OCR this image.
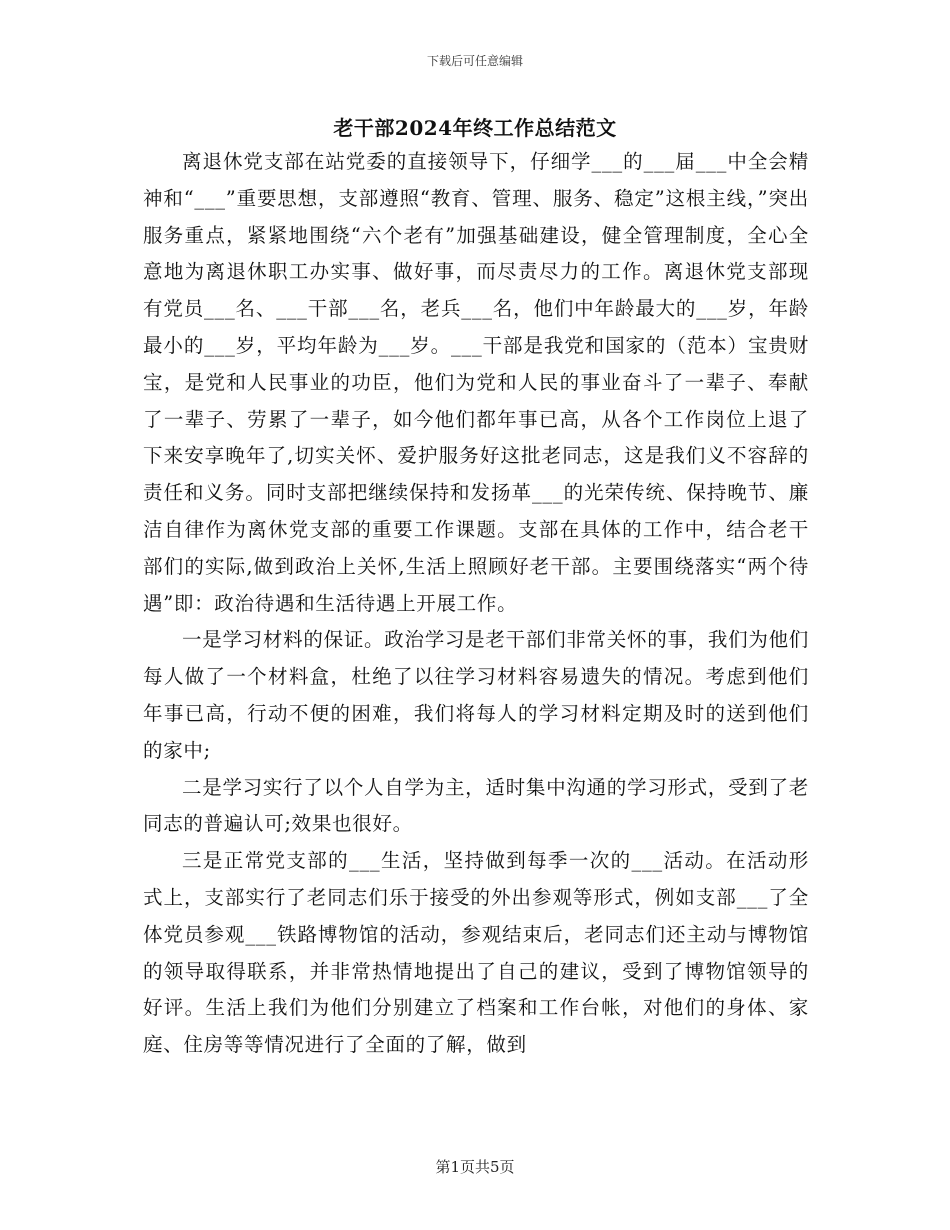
下载后可任意编辑
老干部2024年终工作总结范文

离退休党支部在站党委的直接领导下，仔细学___的___届___中全会精神和“___”重要思想，支部遵照“教育、管理、服务、稳定”这根主线，”突出服务重点，紧紧地围绕“六个老有”加强基础建设，健全管理制度，全心全意地为离退休职工办实事、做好事，而尽责尽力的工作。离退休党支部现有党员___名、___干部___名，老兵___名，他们中年龄最大的___岁，年龄最小的___岁，平均年龄为___岁。___干部是我党和国家的（范本）宝贵财宝，是党和人民事业的功臣，他们为党和人民的事业奋斗了一辈子、奉献了一辈子、劳累了一辈子，如今他们都年事已高，从各个工作岗位上退了下来安享晚年了,切实关怀、爱护服务好这批老同志，这是我们义不容辞的责任和义务。同时支部把继续保持和发扬革___的光荣传统、保持晚节、廉洁自律作为离休党支部的重要工作课题。支部在具体的工作中，结合老干部们的实际,做到政治上关怀,生活上照顾好老干部。主要围绕落实“两个待遇”即：政治待遇和生活待遇上开展工作。

一是学习材料的保证。政治学习是老干部们非常关怀的事，我们为他们每人做了一个材料盒，杜绝了以往学习材料容易遗失的情况。考虑到他们年事已高，行动不便的困难，我们将每人的学习材料定期及时的送到他们的家中;

二是学习实行了以个人自学为主，适时集中沟通的学习形式，受到了老同志的普遍认可;效果也很好。

三是正常党支部的___生活，坚持做到每季一次的___活动。在活动形式上，支部实行了老同志们乐于接受的外出参观等形式，例如支部___了全体党员参观___铁路博物馆的活动，参观结束后，老同志们还主动与博物馆的领导取得联系，并非常热情地提出了自己的建议，受到了博物馆领导的好评。生活上我们为他们分别建立了档案和工作台帐，对他们的身体、家庭、住房等等情况进行了全面的了解，做到

第1页共5页
